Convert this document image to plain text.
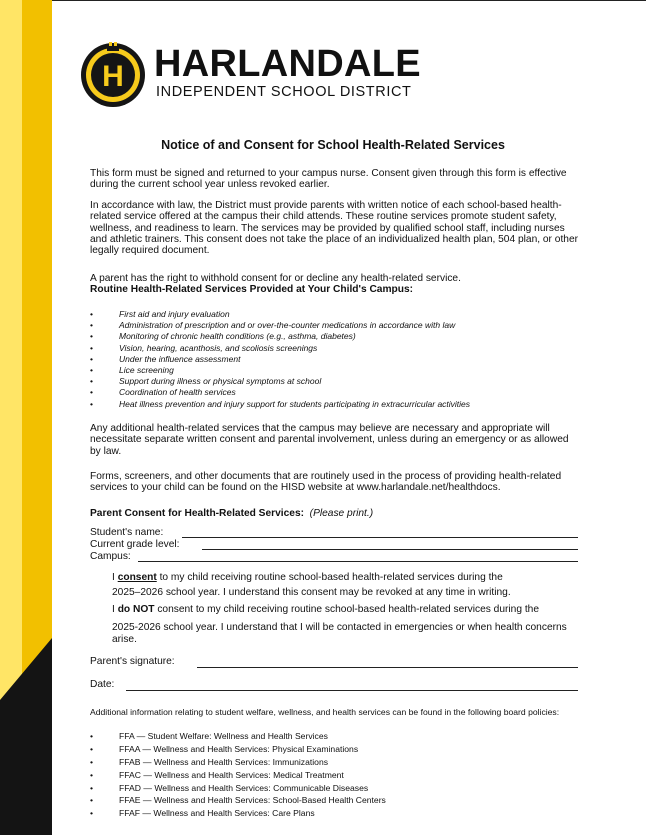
H HARLANDALE
INDEPENDENT SCHOOL DISTRICT
Notice of and Consent for School Health-Related Services

This form must be signed and returned to your campus nurse. Consent given through this form is effective during the current school year unless revoked earlier.

In accordance with law, the District must provide parents with written notice of each school-based health-related service offered at the campus their child attends. These routine services promote student safety, wellness, and readiness to learn. The services may be provided by qualified school staff, including nurses and athletic trainers. This consent does not take the place of an individualized health plan, 504 plan, or other legally required document.

A parent has the right to withhold consent for or decline any health-related service.

Routine Health-Related Services Provided at Your Child's Campus:

•	First aid and injury evaluation
•	Administration of prescription and or over-the-counter medications in accordance with law
•	Monitoring of chronic health conditions (e.g., asthma, diabetes)
•	Vision, hearing, acanthosis, and scoliosis screenings
•	Under the influence assessment
•	Lice screening
•	Support during illness or physical symptoms at school
•	Coordination of health services
•	Heat illness prevention and injury support for students participating in extracurricular activities

Any additional health-related services that the campus may believe are necessary and appropriate will necessitate separate written consent and parental involvement, unless during an emergency or as allowed by law.

Forms, screeners, and other documents that are routinely used in the process of providing health-related services to your child can be found on the HISD website at www.harlandale.net/healthdocs.

Parent Consent for Health-Related Services: (Please print.)

Student's name:
Current grade level:
Campus:

I consent to my child receiving routine school-based health-related services during the

2025–2026 school year. I understand this consent may be revoked at any time in writing.

I do NOT consent to my child receiving routine school-based health-related services during the

2025-2026 school year. I understand that I will be contacted in emergencies or when health concerns arise.

Parent's signature:
Date:

Additional information relating to student welfare, wellness, and health services can be found in the following board policies:

•	FFA — Student Welfare: Wellness and Health Services
•	FFAA — Wellness and Health Services: Physical Examinations
•	FFAB — Wellness and Health Services: Immunizations
•	FFAC — Wellness and Health Services: Medical Treatment
•	FFAD — Wellness and Health Services: Communicable Diseases
•	FFAE — Wellness and Health Services: School-Based Health Centers
•	FFAF — Wellness and Health Services: Care Plans
